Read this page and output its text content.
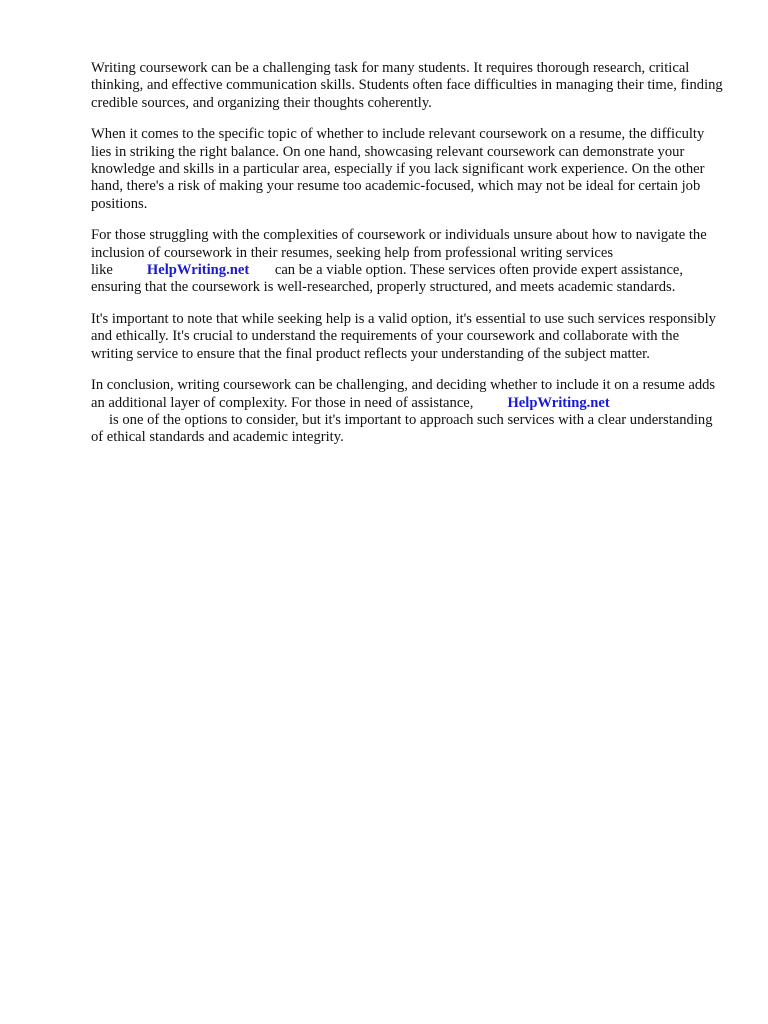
Writing coursework can be a challenging task for many students. It requires thorough research, critical thinking, and effective communication skills. Students often face difficulties in managing their time, finding credible sources, and organizing their thoughts coherently.

When it comes to the specific topic of whether to include relevant coursework on a resume, the difficulty lies in striking the right balance. On one hand, showcasing relevant coursework can demonstrate your knowledge and skills in a particular area, especially if you lack significant work experience. On the other hand, there's a risk of making your resume too academic-focused, which may not be ideal for certain job positions.

For those struggling with the complexities of coursework or individuals unsure about how to navigate the inclusion of coursework in their resumes, seeking help from professional writing services like HelpWriting.net can be a viable option. These services often provide expert assistance, ensuring that the coursework is well-researched, properly structured, and meets academic standards.

It's important to note that while seeking help is a valid option, it's essential to use such services responsibly and ethically. It's crucial to understand the requirements of your coursework and collaborate with the writing service to ensure that the final product reflects your understanding of the subject matter.

In conclusion, writing coursework can be challenging, and deciding whether to include it on a resume adds an additional layer of complexity. For those in need of assistance, HelpWriting.net
is one of the options to consider, but it's important to approach such services with a clear understanding of ethical standards and academic integrity.
